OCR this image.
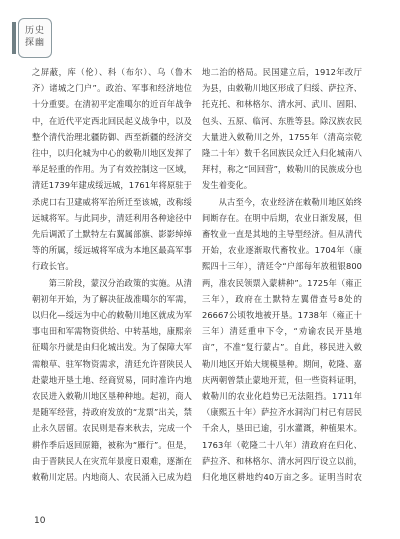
历史
探幽

之屏蔽，库（伦）、科（布尔）、乌（鲁木齐）诸城之门户”。政治、军事和经济地位十分重要。在清初平定准噶尔的近百年战争中，在近代平定西北回民起义战争中，以及整个清代治理北疆防御、西至新疆的经济交往中，以归化城为中心的敕勒川地区发挥了举足轻重的作用。为了有效控制这一区域，清廷1739年建成绥远城，1761年将原驻于杀虎口右卫建威将军治所迁至该城，改称绥远城将军。与此同步，清廷利用各种途径中先后调派了土默特左右翼属部旗、影影绰绰等的所属，绥远城将军成为本地区最高军事行政长官。

第三阶段，蒙汉分治政策的实施。从清朝初年开始，为了解决征战准噶尔的军需，以归化—绥远为中心的敕勒川地区就成为军事屯田和军需物资供给、中转基地，康熙亲征噶尔丹就是由归化城出发。为了保障大军需粮草、驻军物资需求，清廷允许晋陕民人赴蒙地开垦土地、经商贸易，同时准许内地农民进入敕勒川地区垦种种地。起初，商人是随军经营，持政府发放的“龙票”出关，禁止永久居留。农民则是春来秋去，完成一个耕作季后返回原籍，被称为“雁行”。但是，由于晋陕民人在灾荒年景度日艰难，逐渐在敕勒川定居。内地商人、农民涌入已成为趋

地二治的格局。民国建立后，1912年改厅为县，由敕勒川地区形成了归绥、萨拉齐、托克托、和林格尔、清水河、武川、固阳、包头、五原、临河、东胜等县。除汉族农民大量进入敕勒川之外，1755年（清高宗乾隆二十年）数千名回族民众迁入归化城南八拜村，称之“回回营”，敕勒川的民族成分也发生着变化。

从古至今，农业经济在敕勒川地区始终间断存在。在明中后期，农业日渐发展，但畜牧业一直是其地的主导型经济。但从清代开始，农业逐渐取代畜牧业。1704年（康熙四十三年），清廷令“户部每年放租银800两，准农民领票入蒙耕种”。1725年（雍正三年），政府在土默特左翼借查号8处的26667公顷牧地被开垦。1738年（雍正十三年）清廷重申下令，“劝谕农民开垦地亩”，不准“复行蒙占”。自此，移民进入敕勒川地区开始大规模垦种。期间，乾隆、嘉庆两朝曾禁止蒙地开荒，但一些资料证明，敕勒川的农业化趋势已无法阻挡。1711年（康熙五十年）萨拉齐水洞沟门村已有居民千余人，垦田已逾，引水灌溉，种植果木。1763年（乾隆二十八年）清政府在归化、萨拉齐、和林格尔、清水河四厅设立以前，归化地区耕地约40万亩之多。证明当时农

10
